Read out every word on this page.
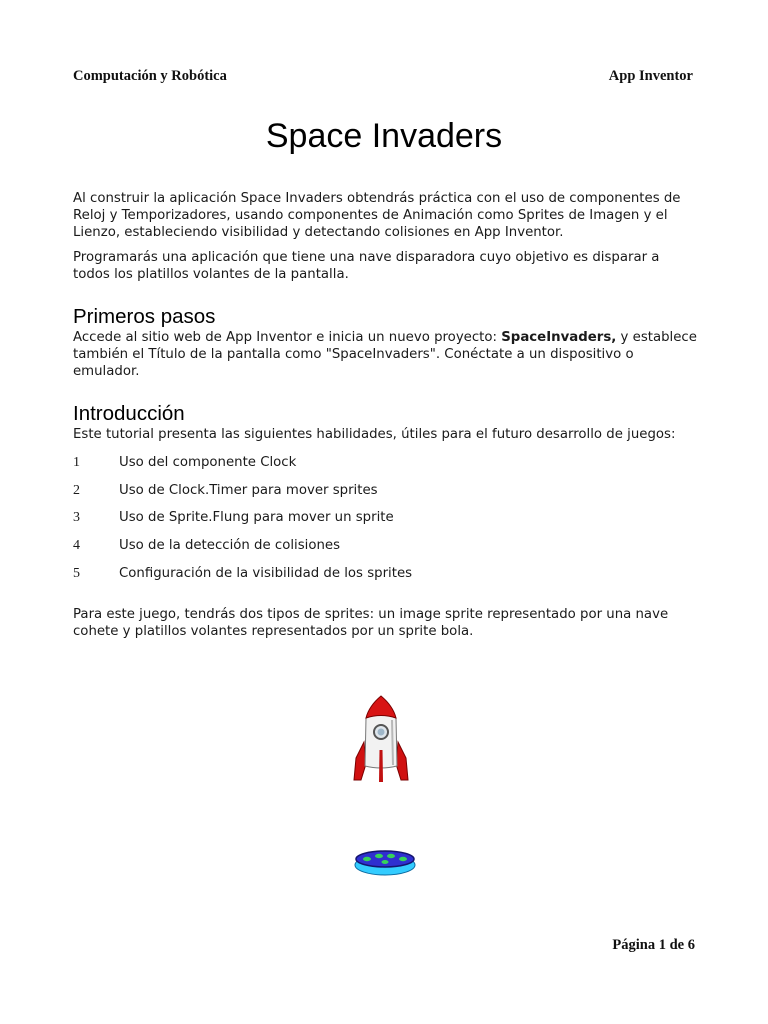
Computación y Robótica	App Inventor
Space Invaders

Al construir la aplicación Space Invaders obtendrás práctica con el uso de componentes de Reloj y Temporizadores, usando componentes de Animación como Sprites de Imagen y el Lienzo, estableciendo visibilidad y detectando colisiones en App Inventor.

Programarás una aplicación que tiene una nave disparadora cuyo objetivo es disparar a todos los platillos volantes de la pantalla.

Primeros pasos

Accede al sitio web de App Inventor e inicia un nuevo proyecto: SpaceInvaders, y establece también el Título de la pantalla como "SpaceInvaders". Conéctate a un dispositivo o emulador.

Introducción

Este tutorial presenta las siguientes habilidades, útiles para el futuro desarrollo de juegos:

1	Uso del componente Clock
2	Uso de Clock.Timer para mover sprites
3	Uso de Sprite.Flung para mover un sprite
4	Uso de la detección de colisiones
5	Configuración de la visibilidad de los sprites

Para este juego, tendrás dos tipos de sprites: un image sprite representado por una nave cohete y platillos volantes representados por un sprite bola.

Página 1 de 6
